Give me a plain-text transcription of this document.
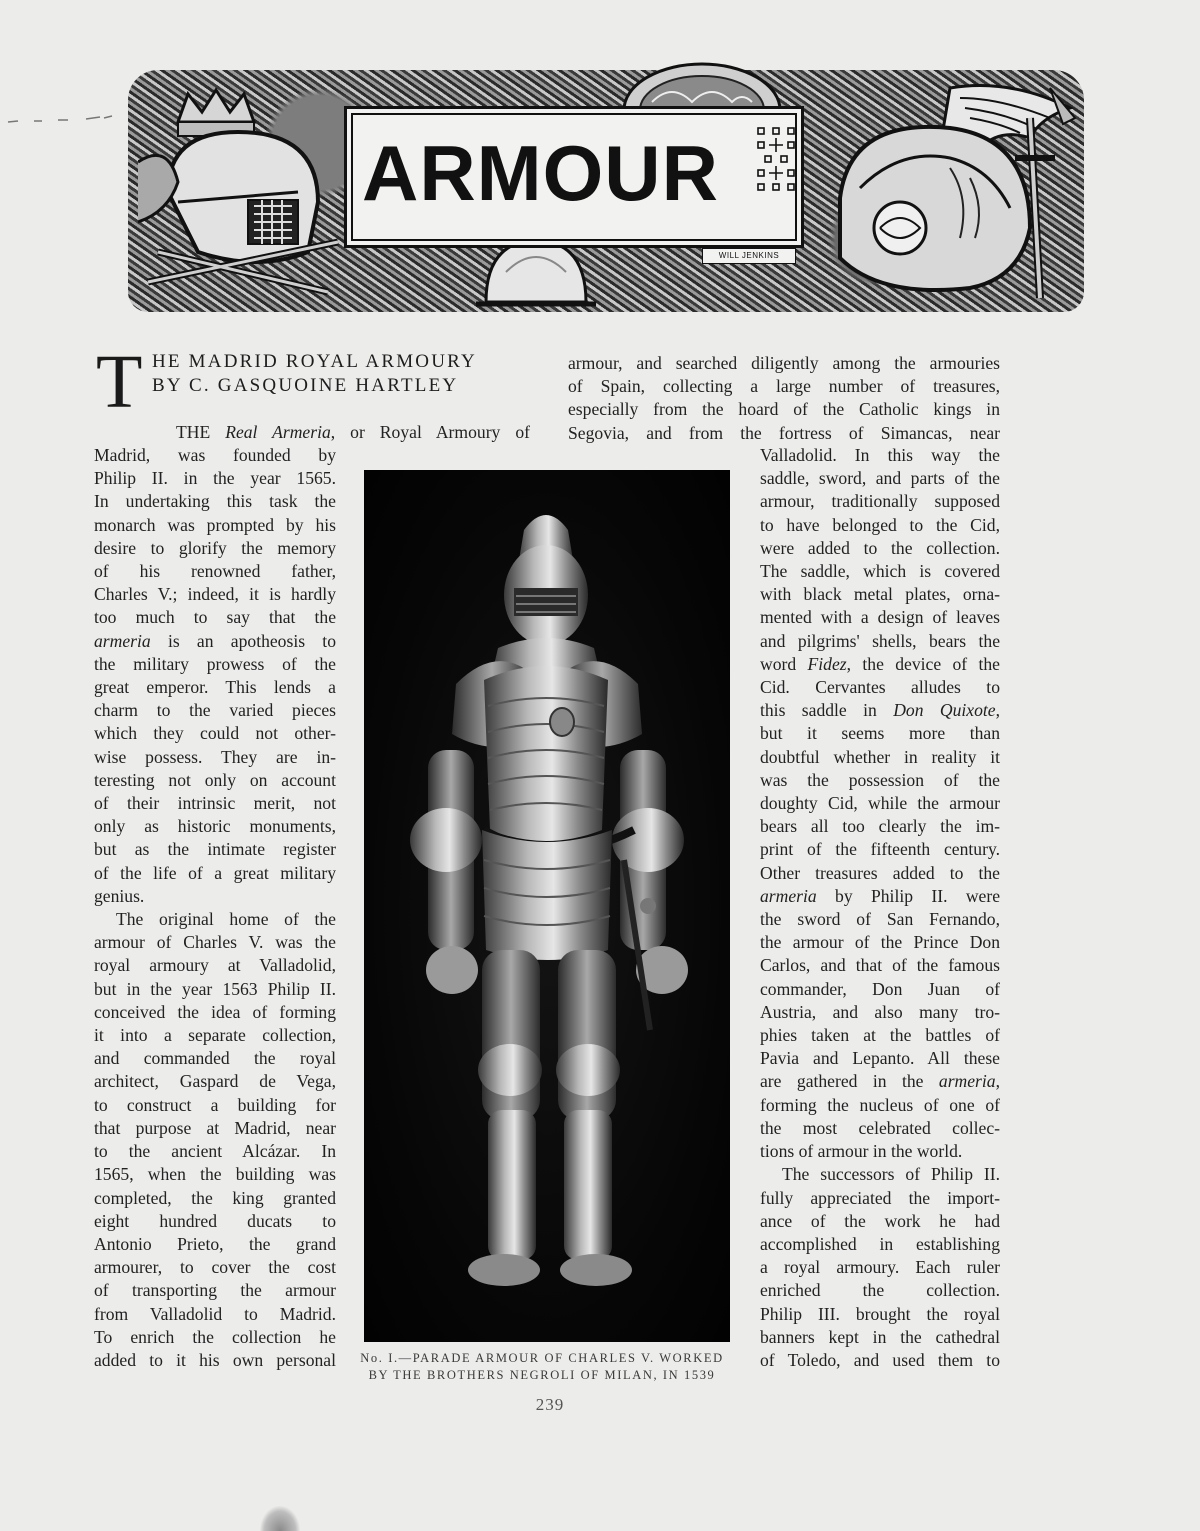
ARMOUR
WILL JENKINS
T HE MADRID ROYAL ARMOURY
BY C. GASQUOINE HARTLEY
THE Real Armeria, or Royal Armoury of
Madrid, was founded by
Philip II. in the year 1565.
In undertaking this task the
monarch was prompted by his
desire to glorify the memory
of his renowned father,
Charles V.; indeed, it is hardly
too much to say that the
armeria is an apotheosis to
the military prowess of the
great emperor. This lends a
charm to the varied pieces
which they could not other-
wise possess. They are in-
teresting not only on account
of their intrinsic merit, not
only as historic monuments,
but as the intimate register
of the life of a great military
genius.
The original home of the
armour of Charles V. was the
royal armoury at Valladolid,
but in the year 1563 Philip II.
conceived the idea of forming
it into a separate collection,
and commanded the royal
architect, Gaspard de Vega,
to construct a building for
that purpose at Madrid, near
to the ancient Alcázar. In
1565, when the building was
completed, the king granted
eight hundred ducats to
Antonio Prieto, the grand
armourer, to cover the cost
of transporting the armour
from Valladolid to Madrid.
To enrich the collection he
added to it his own personal	No. I.—PARADE ARMOUR OF CHARLES V. WORKED
BY THE BROTHERS NEGROLI OF MILAN, IN 1539
armour, and searched diligently among the armouries
of Spain, collecting a large number of treasures,
especially from the hoard of the Catholic kings in
Segovia, and from the fortress of Simancas, near
Valladolid. In this way the
saddle, sword, and parts of the
armour, traditionally supposed
to have belonged to the Cid,
were added to the collection.
The saddle, which is covered
with black metal plates, orna-
mented with a design of leaves
and pilgrims' shells, bears the
word Fidez, the device of the
Cid. Cervantes alludes to
this saddle in Don Quixote,
but it seems more than
doubtful whether in reality it
was the possession of the
doughty Cid, while the armour
bears all too clearly the im-
print of the fifteenth century.
Other treasures added to the
armeria by Philip II. were
the sword of San Fernando,
the armour of the Prince Don
Carlos, and that of the famous
commander, Don Juan of
Austria, and also many tro-
phies taken at the battles of
Pavia and Lepanto. All these
are gathered in the armeria,
forming the nucleus of one of
the most celebrated collec-
tions of armour in the world.
The successors of Philip II.
fully appreciated the import-
ance of the work he had
accomplished in establishing
a royal armoury. Each ruler
enriched the collection.
Philip III. brought the royal
banners kept in the cathedral
of Toledo, and used them to
239
